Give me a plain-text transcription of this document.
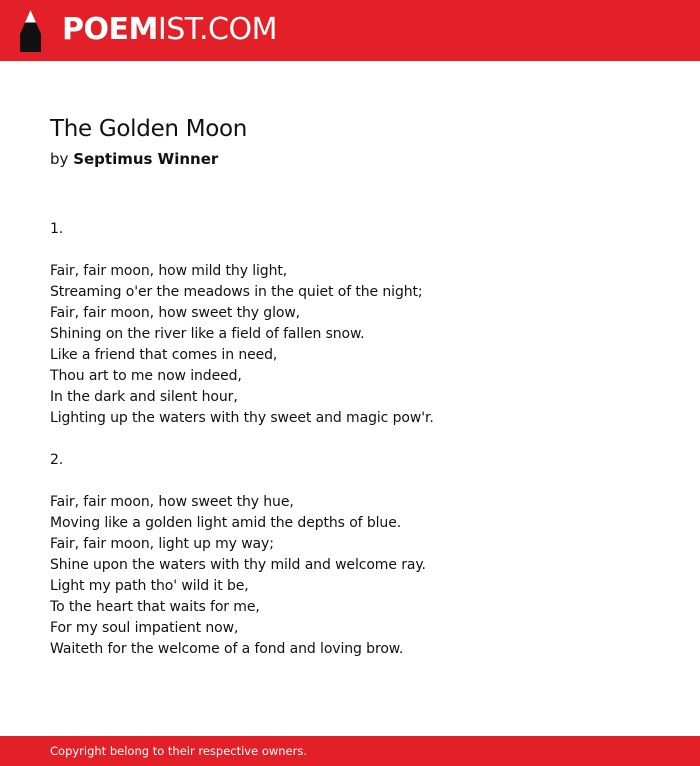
POEMIST.COM
The Golden Moon
by Septimus Winner
1.
Fair, fair moon, how mild thy light,
Streaming o'er the meadows in the quiet of the night;
Fair, fair moon, how sweet thy glow,
Shining on the river like a field of fallen snow.
Like a friend that comes in need,
Thou art to me now indeed,
In the dark and silent hour,
Lighting up the waters with thy sweet and magic pow'r.
2.
Fair, fair moon, how sweet thy hue,
Moving like a golden light amid the depths of blue.
Fair, fair moon, light up my way;
Shine upon the waters with thy mild and welcome ray.
Light my path tho' wild it be,
To the heart that waits for me,
For my soul impatient now,
Waiteth for the welcome of a fond and loving brow.
Copyright belong to their respective owners.
